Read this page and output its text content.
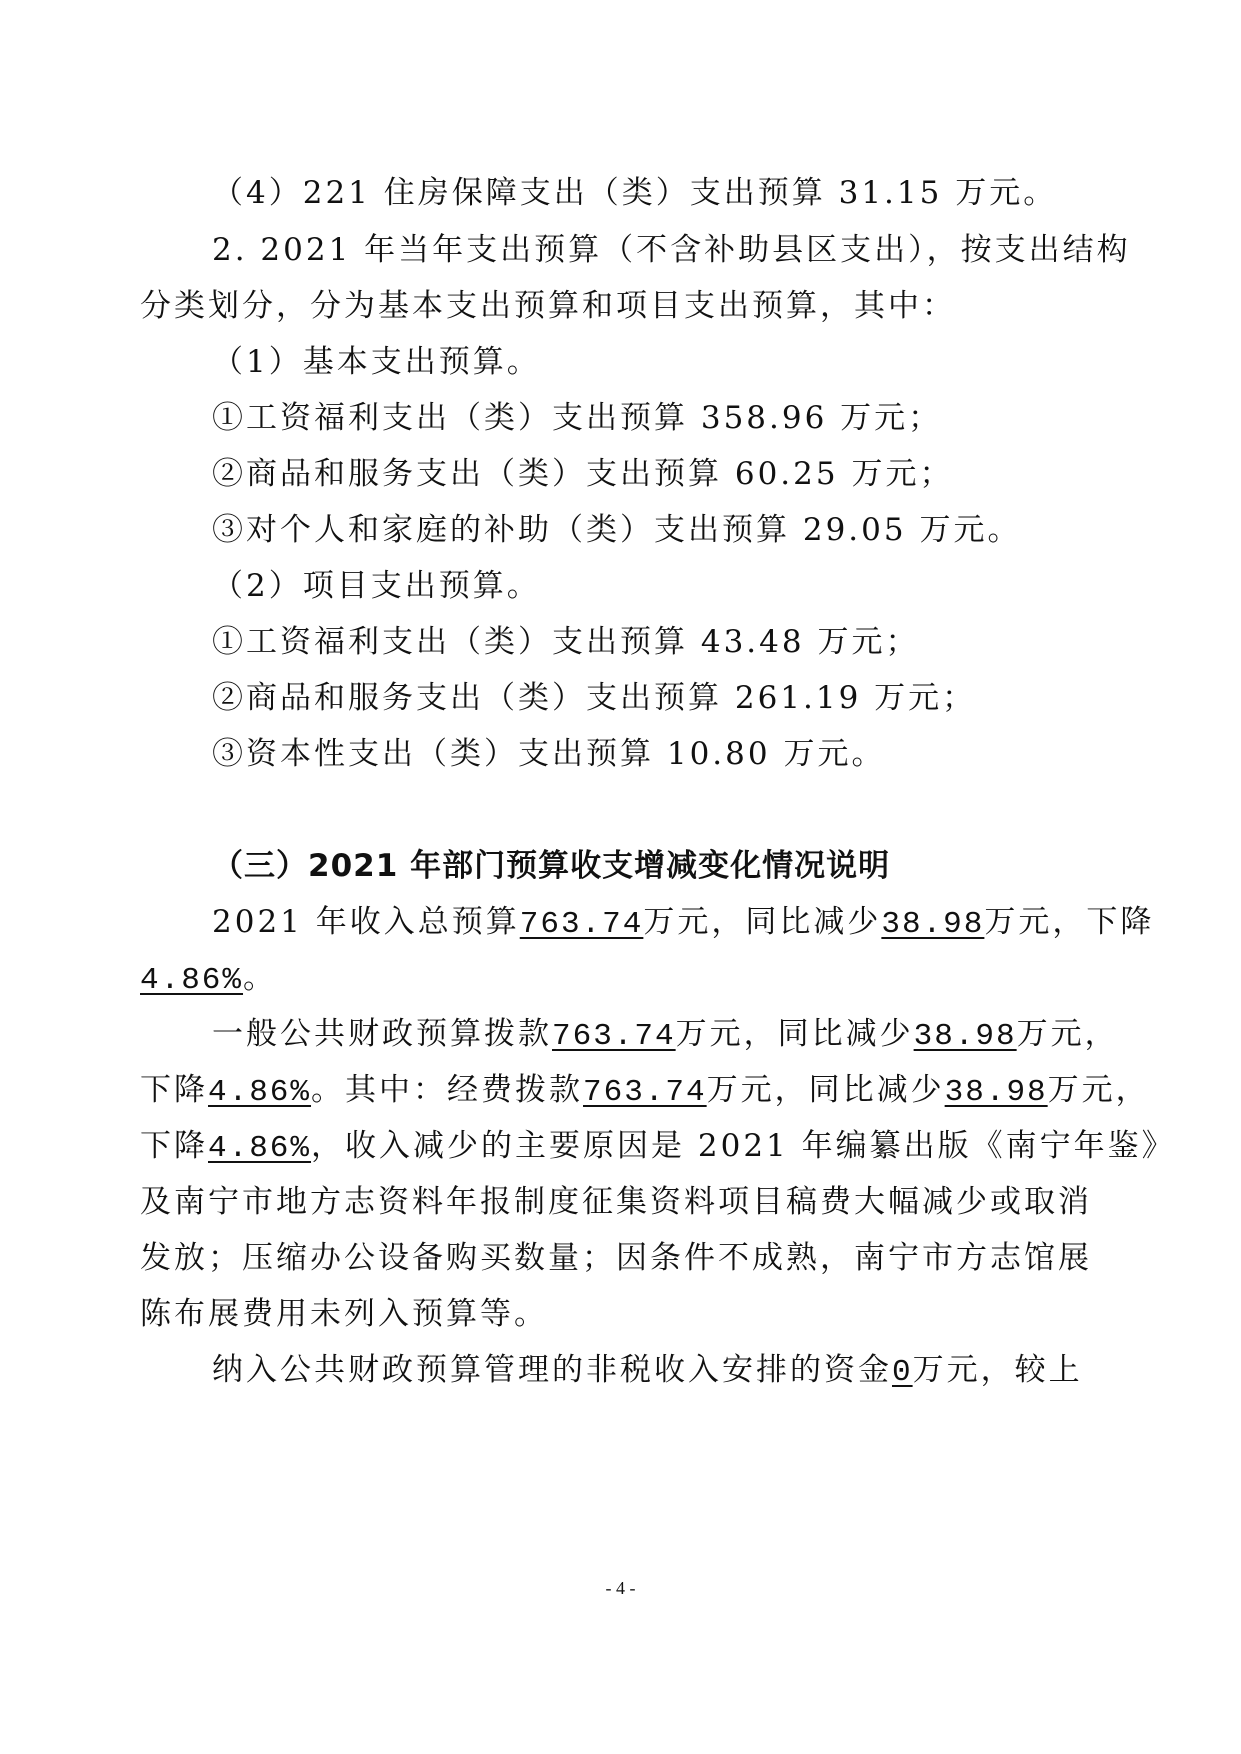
（4）221 住房保障支出（类）支出预算 31.15 万元。

2. 2021 年当年支出预算（不含补助县区支出），按支出结构

分类划分，分为基本支出预算和项目支出预算，其中：

（1）基本支出预算。

①工资福利支出（类）支出预算 358.96 万元；

②商品和服务支出（类）支出预算 60.25 万元；

③对个人和家庭的补助（类）支出预算 29.05 万元。

（2）项目支出预算。

①工资福利支出（类）支出预算 43.48 万元；

②商品和服务支出（类）支出预算 261.19 万元；

③资本性支出（类）支出预算 10.80 万元。

（三）2021 年部门预算收支增减变化情况说明

2021 年收入总预算763.74万元，同比减少38.98万元，下降

4.86%。

一般公共财政预算拨款763.74万元，同比减少38.98万元，

下降4.86%。其中：经费拨款763.74万元，同比减少38.98万元，

下降4.86%，收入减少的主要原因是 2021 年编纂出版《南宁年鉴》

及南宁市地方志资料年报制度征集资料项目稿费大幅减少或取消

发放；压缩办公设备购买数量；因条件不成熟，南宁市方志馆展

陈布展费用未列入预算等。

纳入公共财政预算管理的非税收入安排的资金0万元，较上

- 4 -
